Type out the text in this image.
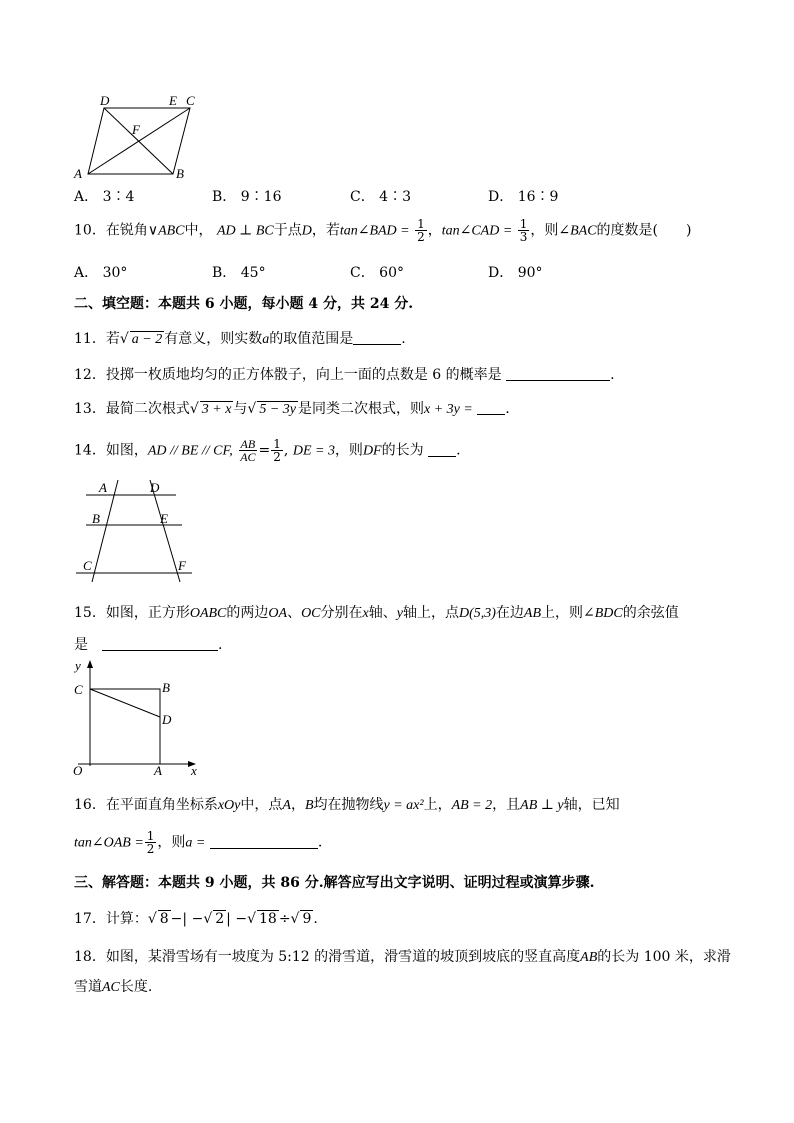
D	E C
F
A	B
A． 3∶4	B． 9∶16	C． 4∶3	D． 16∶9
10．在锐角∨ABC中， AD ⊥ BC于点D，若tan∠BAD = $\frac{1}{2}$ ，tan∠CAD = $\frac{1}{3}$ ，则∠BAC的度数是(　　)
A． 30°	B． 45°	C． 60°	D． 90°
二、填空题：本题共 6 小题，每小题 4 分，共 24 分.
11．若√ a − 2 有意义，则实数a的取值范围是	.
12．投掷一枚质地均匀的正方体骰子，向上一面的点数是 6 的概率是	.
13．最简二次根式√ 3 + x 与√ 5 − 3y 是同类二次根式，则x + 3y = .
14．如图，AD // BE // CF, $\frac{AB}{AC} = \frac{1}{2}$ , DE = 3，则DF的长为 .
A	D
B	E
C	F
15．如图，正方形OABC的两边OA、OC分别在x轴、y轴上，点D(5,3)在边AB上，则∠BDC的余弦值
是　	.
y
x
C	B
D
O	A
16．在平面直角坐标系xOy中，点A，B均在抛物线y = ax²上，AB = 2，且AB ⊥ y轴，已知
tan∠OAB = $\frac{1}{2}$ ，则a =	.
三、解答题：本题共 9 小题，共 86 分.解答应写出文字说明、证明过程或演算步骤.
17．计算：√ 8 −| −√ 2 | −√ 18 ÷√ 9 .
18．如图，某滑雪场有一坡度为 5:12 的滑雪道，滑雪道的坡顶到坡底的竖直高度AB的长为 100 米，求滑
雪道AC长度.
